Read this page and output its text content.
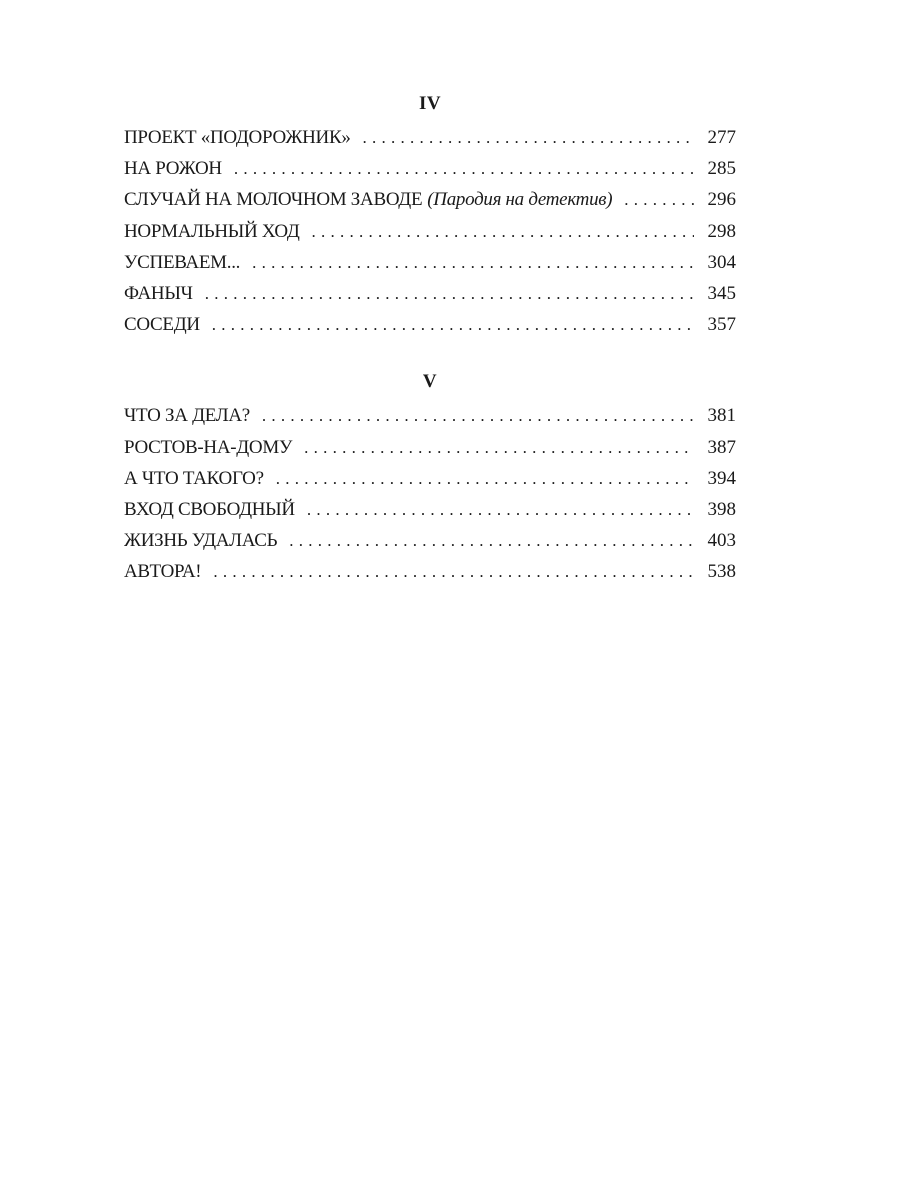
IV
ПРОЕКТ «ПОДОРОЖНИК» . . .	277
НА РОЖОН . . .	285
СЛУЧАЙ НА МОЛОЧНОМ ЗАВОДЕ (Пародия на детектив) . . .	296
НОРМАЛЬНЫЙ ХОД . . .	298
УСПЕВАЕМ... . . .	304
ФАНЫЧ . . .	345
СОСЕДИ . . .	357
V
ЧТО ЗА ДЕЛА? . . .	381
РОСТОВ-НА-ДОМУ . . .	387
А ЧТО ТАКОГО? . . .	394
ВХОД СВОБОДНЫЙ . . .	398
ЖИЗНЬ УДАЛАСЬ . . .	403
АВТОРА! . . .	538
